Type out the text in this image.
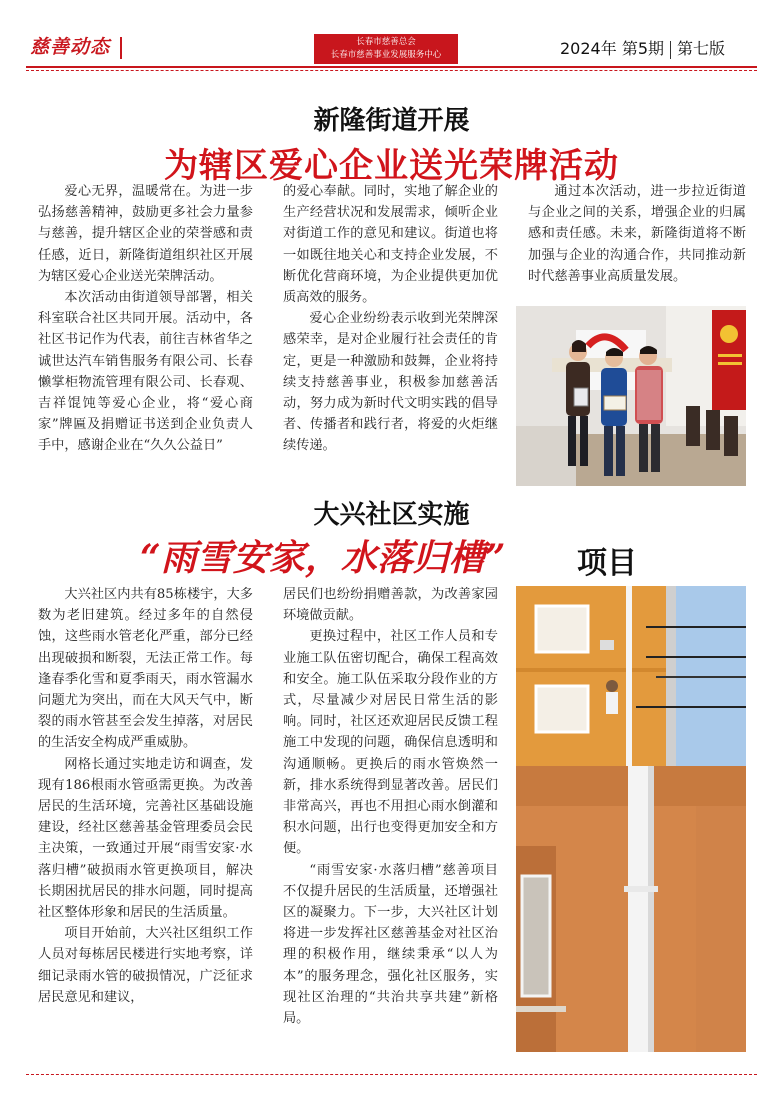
慈善动态	长春市慈善总会
长春市慈善事业发展服务中心	2024年 第5期 第七版
新隆街道开展
为辖区爱心企业送光荣牌活动

爱心无界，温暖常在。为进一步弘扬慈善精神，鼓励更多社会力量参与慈善，提升辖区企业的荣誉感和责任感，近日，新隆街道组织社区开展为辖区爱心企业送光荣牌活动。

本次活动由街道领导部署，相关科室联合社区共同开展。活动中，各社区书记作为代表，前往吉林省华之诚世达汽车销售服务有限公司、长春懒掌柜物流管理有限公司、长春观、吉祥馄饨等爱心企业，将“爱心商家”牌匾及捐赠证书送到企业负责人手中，感谢企业在“久久公益日”

的爱心奉献。同时，实地了解企业的生产经营状况和发展需求，倾听企业对街道工作的意见和建议。街道也将一如既往地关心和支持企业发展，不断优化营商环境，为企业提供更加优质高效的服务。

爱心企业纷纷表示收到光荣牌深感荣幸，是对企业履行社会责任的肯定，更是一种激励和鼓舞，企业将持续支持慈善事业，积极参加慈善活动，努力成为新时代文明实践的倡导者、传播者和践行者，将爱的火炬继续传递。

通过本次活动，进一步拉近街道与企业之间的关系，增强企业的归属感和责任感。未来，新隆街道将不断加强与企业的沟通合作，共同推动新时代慈善事业高质量发展。

大兴社区实施
“雨雪安家，水落归槽” 项目

大兴社区内共有85栋楼宇，大多数为老旧建筑。经过多年的自然侵蚀，这些雨水管老化严重，部分已经出现破损和断裂，无法正常工作。每逢春季化雪和夏季雨天，雨水管漏水问题尤为突出，而在大风天气中，断裂的雨水管甚至会发生掉落，对居民的生活安全构成严重威胁。

网格长通过实地走访和调查，发现有186根雨水管亟需更换。为改善居民的生活环境，完善社区基础设施建设，经社区慈善基金管理委员会民主决策，一致通过开展“雨雪安家·水落归槽”破损雨水管更换项目，解决长期困扰居民的排水问题，同时提高社区整体形象和居民的生活质量。

项目开始前，大兴社区组织工作人员对每栋居民楼进行实地考察，详细记录雨水管的破损情况，广泛征求居民意见和建议，

居民们也纷纷捐赠善款，为改善家园环境做贡献。

更换过程中，社区工作人员和专业施工队伍密切配合，确保工程高效和安全。施工队伍采取分段作业的方式，尽量减少对居民日常生活的影响。同时，社区还欢迎居民反馈工程施工中发现的问题，确保信息透明和沟通顺畅。更换后的雨水管焕然一新，排水系统得到显著改善。居民们非常高兴，再也不用担心雨水倒灌和积水问题，出行也变得更加安全和方便。

“雨雪安家·水落归槽”慈善项目不仅提升居民的生活质量，还增强社区的凝聚力。下一步，大兴社区计划将进一步发挥社区慈善基金对社区治理的积极作用，继续秉承“以人为本”的服务理念，强化社区服务，实现社区治理的“共治共享共建”新格局。
